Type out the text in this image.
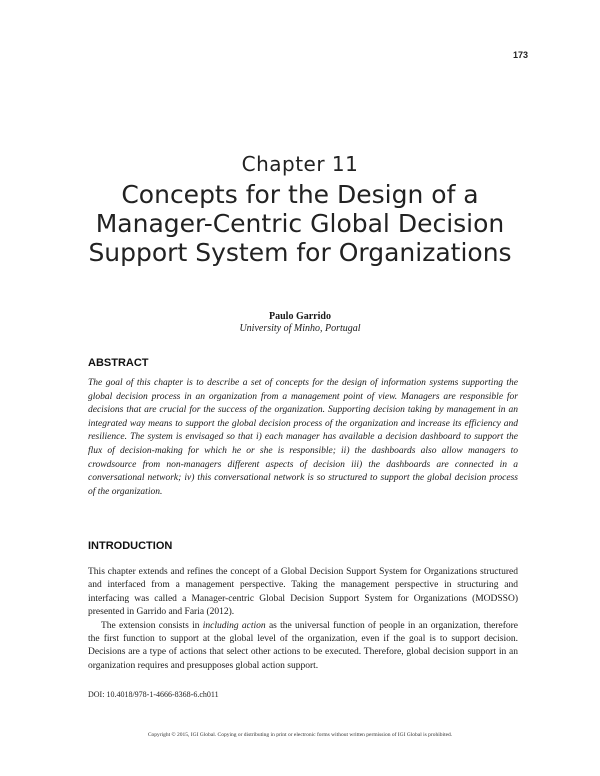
173
Chapter 11
Concepts for the Design of a Manager-Centric Global Decision Support System for Organizations
Paulo Garrido
University of Minho, Portugal
ABSTRACT
The goal of this chapter is to describe a set of concepts for the design of information systems supporting the global decision process in an organization from a management point of view. Managers are responsible for decisions that are crucial for the success of the organization. Supporting decision taking by management in an integrated way means to support the global decision process of the organization and increase its efficiency and resilience. The system is envisaged so that i) each manager has available a decision dashboard to support the flux of decision-making for which he or she is responsible; ii) the dashboards also allow managers to crowdsource from non-managers different aspects of decision iii) the dashboards are connected in a conversational network; iv) this conversational network is so structured to support the global decision process of the organization.
INTRODUCTION

This chapter extends and refines the concept of a Global Decision Support System for Organizations structured and interfaced from a management perspective. Taking the management perspective in structuring and interfacing was called a Manager-centric Global Decision Support System for Organizations (MODSSO) presented in Garrido and Faria (2012).

The extension consists in including action as the universal function of people in an organization, therefore the first function to support at the global level of the organization, even if the goal is to support decision. Decisions are a type of actions that select other actions to be executed. Therefore, global decision support in an organization requires and presupposes global action support.

DOI: 10.4018/978-1-4666-8368-6.ch011
Copyright © 2015, IGI Global. Copying or distributing in print or electronic forms without written permission of IGI Global is prohibited.
